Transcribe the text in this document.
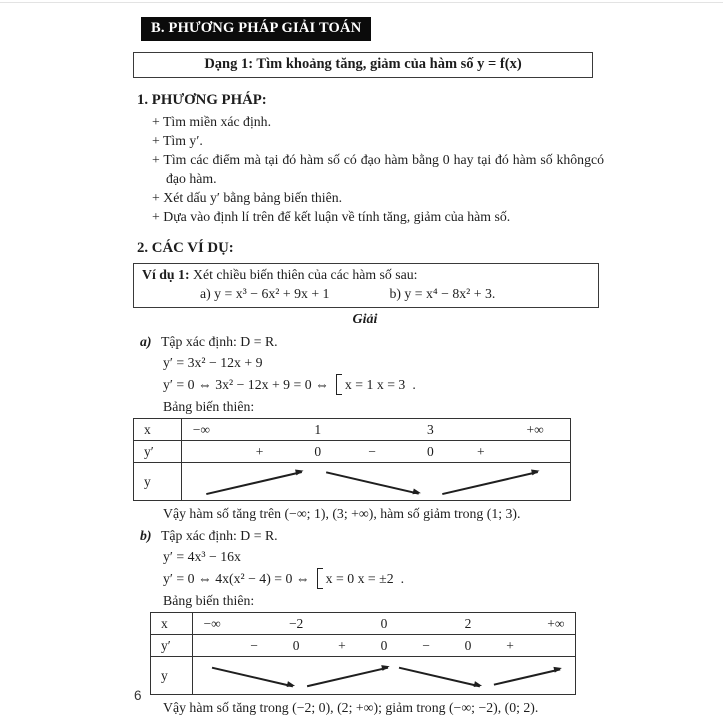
B. PHƯƠNG PHÁP GIẢI TOÁN
Dạng 1: Tìm khoảng tăng, giảm của hàm số y = f(x)
1. PHƯƠNG PHÁP:
+ Tìm miền xác định.
+ Tìm y′.
+ Tìm các điểm mà tại đó hàm số có đạo hàm bằng 0 hay tại đó hàm số khôngcó đạo hàm.
+ Xét dấu y′ bằng bảng biến thiên.
+ Dựa vào định lí trên để kết luận về tính tăng, giảm của hàm số.
2. CÁC VÍ DỤ:
Ví dụ 1: Xét chiều biến thiên của các hàm số sau:
a) y = x³ − 6x² + 9x + 1	b) y = x⁴ − 8x² + 3.
Giải
a) Tập xác định: D = R.
y′ = 3x² − 12x + 9
y′ = 0 ⇔ 3x² − 12x + 9 = 0 ⇔	x = 1 x = 3 .
Bảng biến thiên:
x	−∞	1	3	+∞
y′	+	0	−	0	+
y
Vậy hàm số tăng trên (−∞; 1), (3; +∞), hàm số giảm trong (1; 3).
b) Tập xác định: D = R.
y′ = 4x³ − 16x
y′ = 0 ⇔ 4x(x² − 4) = 0 ⇔	x = 0 x = ±2 .
Bảng biến thiên:
x	−∞	−2	0	2	+∞
y′	−	0	+	0	−	0	+
y
Vậy hàm số tăng trong (−2; 0), (2; +∞); giảm trong (−∞; −2), (0; 2).
6
